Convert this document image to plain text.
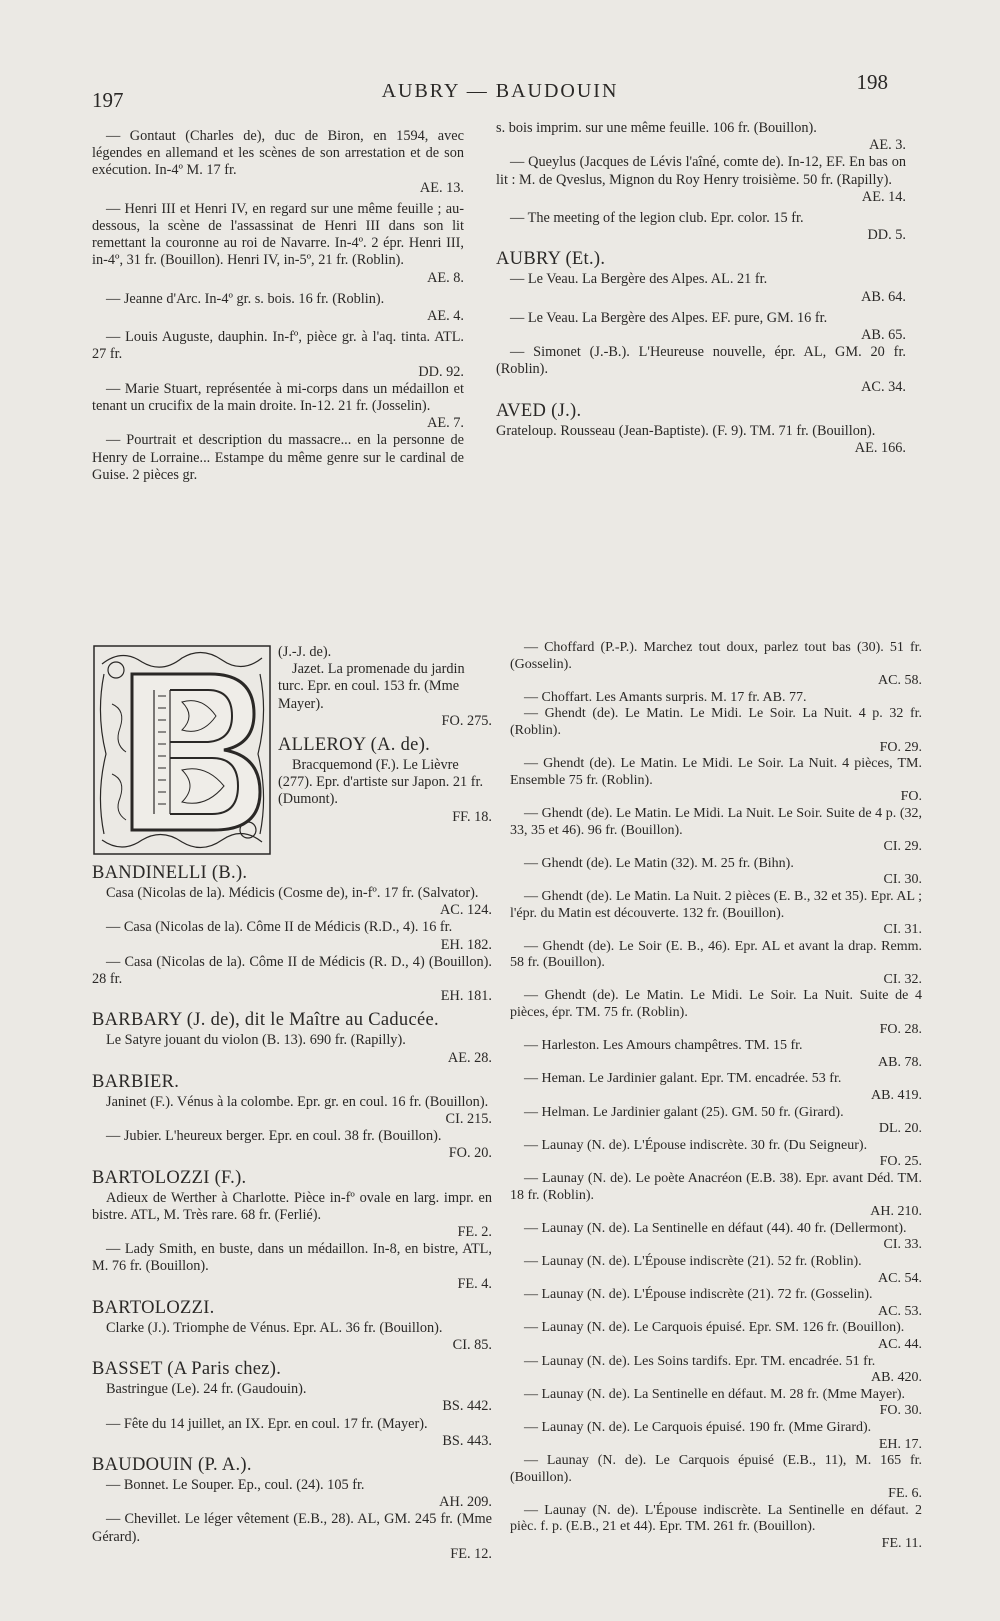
197	AUBRY — BAUDOUIN	198

— Gontaut (Charles de), duc de Biron, en 1594, avec légendes en allemand et les scènes de son arrestation et de son exécution. In-4º M. 17 fr.

AE. 13.

— Henri III et Henri IV, en regard sur une même feuille ; au-dessous, la scène de l'assassinat de Henri III dans son lit remettant la couronne au roi de Navarre. In-4º. 2 épr. Henri III, in-4º, 31 fr. (Bouillon). Henri IV, in-5º, 21 fr. (Roblin).

AE. 8.

— Jeanne d'Arc. In-4º gr. s. bois. 16 fr. (Roblin).

AE. 4.

— Louis Auguste, dauphin. In-fº, pièce gr. à l'aq. tinta. ATL. 27 fr.

DD. 92.

— Marie Stuart, représentée à mi-corps dans un médaillon et tenant un crucifix de la main droite. In-12. 21 fr. (Josselin).

AE. 7.

— Pourtrait et description du massacre... en la personne de Henry de Lorraine... Estampe du même genre sur le cardinal de Guise. 2 pièces gr.

s. bois imprim. sur une même feuille. 106 fr. (Bouillon).

AE. 3.

— Queylus (Jacques de Lévis l'aîné, comte de). In-12, EF. En bas on lit : M. de Qveslus, Mignon du Roy Henry troisième. 50 fr. (Rapilly).

AE. 14.

— The meeting of the legion club. Epr. color. 15 fr.

DD. 5.
AUBRY (Et.).

— Le Veau. La Bergère des Alpes. AL. 21 fr.

AB. 64.

— Le Veau. La Bergère des Alpes. EF. pure, GM. 16 fr.

AB. 65.

— Simonet (J.-B.). L'Heureuse nouvelle, épr. AL, GM. 20 fr. (Roblin).

AC. 34.
AVED (J.).

Grateloup. Rousseau (Jean-Baptiste). (F. 9). TM. 71 fr. (Bouillon).

AE. 166.

(J.-J. de).

Jazet. La promenade du jardin turc. Epr. en coul. 153 fr. (Mme Mayer).

FO. 275.
ALLEROY (A. de).

Bracquemond (F.). Le Lièvre (277). Epr. d'artiste sur Japon. 21 fr. (Dumont).

FF. 18.
BANDINELLI (B.).

Casa (Nicolas de la). Médicis (Cosme de), in-fº. 17 fr. (Salvator).

AC. 124.

— Casa (Nicolas de la). Côme II de Médicis (R.D., 4). 16 fr.

EH. 182.

— Casa (Nicolas de la). Côme II de Médicis (R. D., 4) (Bouillon). 28 fr.

EH. 181.
BARBARY (J. de), dit le Maître au Caducée.

Le Satyre jouant du violon (B. 13). 690 fr. (Rapilly).

AE. 28.
BARBIER.

Janinet (F.). Vénus à la colombe. Epr. gr. en coul. 16 fr. (Bouillon).

CI. 215.

— Jubier. L'heureux berger. Epr. en coul. 38 fr. (Bouillon).

FO. 20.
BARTOLOZZI (F.).

Adieux de Werther à Charlotte. Pièce in-fº ovale en larg. impr. en bistre. ATL, M. Très rare. 68 fr. (Ferlié).

FE. 2.

— Lady Smith, en buste, dans un médaillon. In-8, en bistre, ATL, M. 76 fr. (Bouillon).

FE. 4.
BARTOLOZZI.

Clarke (J.). Triomphe de Vénus. Epr. AL. 36 fr. (Bouillon).

CI. 85.
BASSET (A Paris chez).

Bastringue (Le). 24 fr. (Gaudouin).

BS. 442.

— Fête du 14 juillet, an IX. Epr. en coul. 17 fr. (Mayer).

BS. 443.
BAUDOUIN (P. A.).

— Bonnet. Le Souper. Ep., coul. (24). 105 fr.

AH. 209.

— Chevillet. Le léger vêtement (E.B., 28). AL, GM. 245 fr. (Mme Gérard).

FE. 12.

— Choffard (P.-P.). Marchez tout doux, parlez tout bas (30). 51 fr. (Gosselin).

AC. 58.

— Choffart. Les Amants surpris. M. 17 fr. AB. 77.

— Ghendt (de). Le Matin. Le Midi. Le Soir. La Nuit. 4 p. 32 fr. (Roblin).

FO. 29.

— Ghendt (de). Le Matin. Le Midi. Le Soir. La Nuit. 4 pièces, TM. Ensemble 75 fr. (Roblin).

FO.

— Ghendt (de). Le Matin. Le Midi. La Nuit. Le Soir. Suite de 4 p. (32, 33, 35 et 46). 96 fr. (Bouillon).

CI. 29.

— Ghendt (de). Le Matin (32). M. 25 fr. (Bihn).

CI. 30.

— Ghendt (de). Le Matin. La Nuit. 2 pièces (E. B., 32 et 35). Epr. AL ; l'épr. du Matin est découverte. 132 fr. (Bouillon).

CI. 31.

— Ghendt (de). Le Soir (E. B., 46). Epr. AL et avant la drap. Remm. 58 fr. (Bouillon).

CI. 32.

— Ghendt (de). Le Matin. Le Midi. Le Soir. La Nuit. Suite de 4 pièces, épr. TM. 75 fr. (Roblin).

FO. 28.

— Harleston. Les Amours champêtres. TM. 15 fr.

AB. 78.

— Heman. Le Jardinier galant. Epr. TM. encadrée. 53 fr.

AB. 419.

— Helman. Le Jardinier galant (25). GM. 50 fr. (Girard).

DL. 20.

— Launay (N. de). L'Épouse indiscrète. 30 fr. (Du Seigneur).

FO. 25.

— Launay (N. de). Le poète Anacréon (E.B. 38). Epr. avant Déd. TM. 18 fr. (Roblin).

AH. 210.

— Launay (N. de). La Sentinelle en défaut (44). 40 fr. (Dellermont).

CI. 33.

— Launay (N. de). L'Épouse indiscrète (21). 52 fr. (Roblin).

AC. 54.

— Launay (N. de). L'Épouse indiscrète (21). 72 fr. (Gosselin).

AC. 53.

— Launay (N. de). Le Carquois épuisé. Epr. SM. 126 fr. (Bouillon).

AC. 44.

— Launay (N. de). Les Soins tardifs. Epr. TM. encadrée. 51 fr.

AB. 420.

— Launay (N. de). La Sentinelle en défaut. M. 28 fr. (Mme Mayer).

FO. 30.

— Launay (N. de). Le Carquois épuisé. 190 fr. (Mme Girard).

EH. 17.

— Launay (N. de). Le Carquois épuisé (E.B., 11), M. 165 fr. (Bouillon).

FE. 6.

— Launay (N. de). L'Épouse indiscrète. La Sentinelle en défaut. 2 pièc. f. p. (E.B., 21 et 44). Epr. TM. 261 fr. (Bouillon).

FE. 11.
